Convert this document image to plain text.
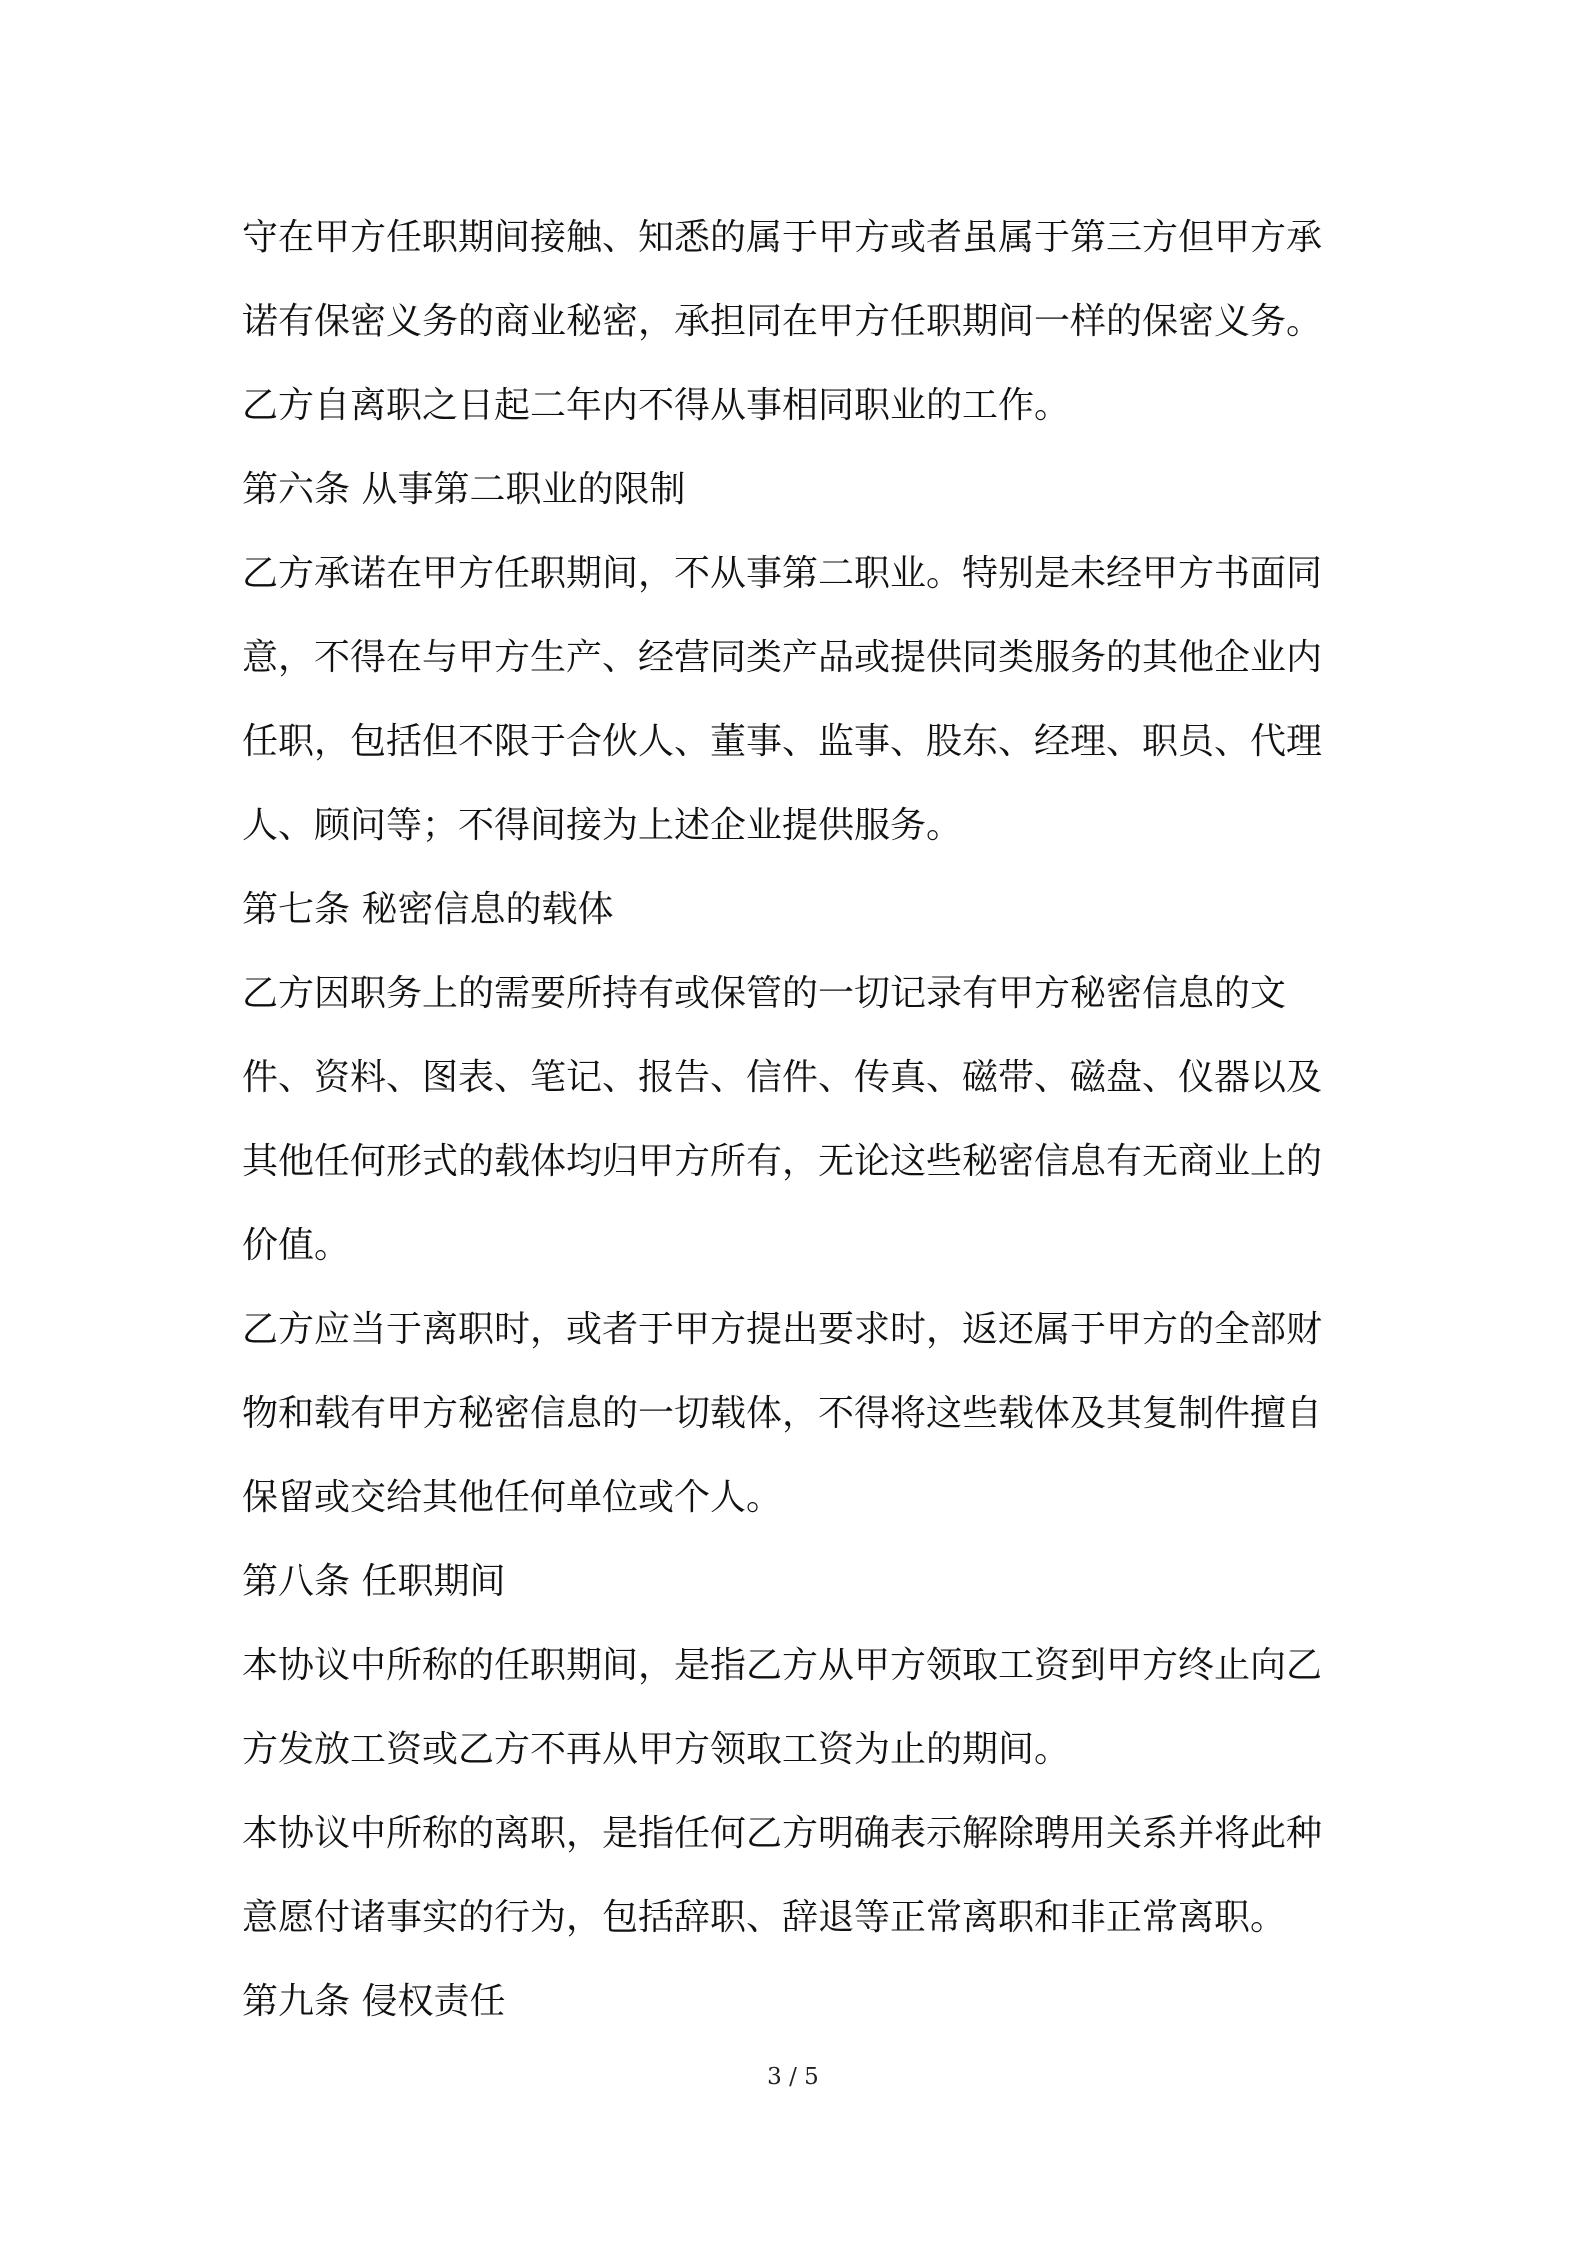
守在甲方任职期间接触、知悉的属于甲方或者虽属于第三方但甲方承
诺有保密义务的商业秘密，承担同在甲方任职期间一样的保密义务。
乙方自离职之日起二年内不得从事相同职业的工作。
第六条 从事第二职业的限制
乙方承诺在甲方任职期间，不从事第二职业。特别是未经甲方书面同
意，不得在与甲方生产、经营同类产品或提供同类服务的其他企业内
任职，包括但不限于合伙人、董事、监事、股东、经理、职员、代理
人、顾问等；不得间接为上述企业提供服务。
第七条 秘密信息的载体
乙方因职务上的需要所持有或保管的一切记录有甲方秘密信息的文
件、资料、图表、笔记、报告、信件、传真、磁带、磁盘、仪器以及
其他任何形式的载体均归甲方所有，无论这些秘密信息有无商业上的
价值。
乙方应当于离职时，或者于甲方提出要求时，返还属于甲方的全部财
物和载有甲方秘密信息的一切载体，不得将这些载体及其复制件擅自
保留或交给其他任何单位或个人。
第八条 任职期间
本协议中所称的任职期间，是指乙方从甲方领取工资到甲方终止向乙
方发放工资或乙方不再从甲方领取工资为止的期间。
本协议中所称的离职，是指任何乙方明确表示解除聘用关系并将此种
意愿付诸事实的行为，包括辞职、辞退等正常离职和非正常离职。
第九条 侵权责任
3 / 5
